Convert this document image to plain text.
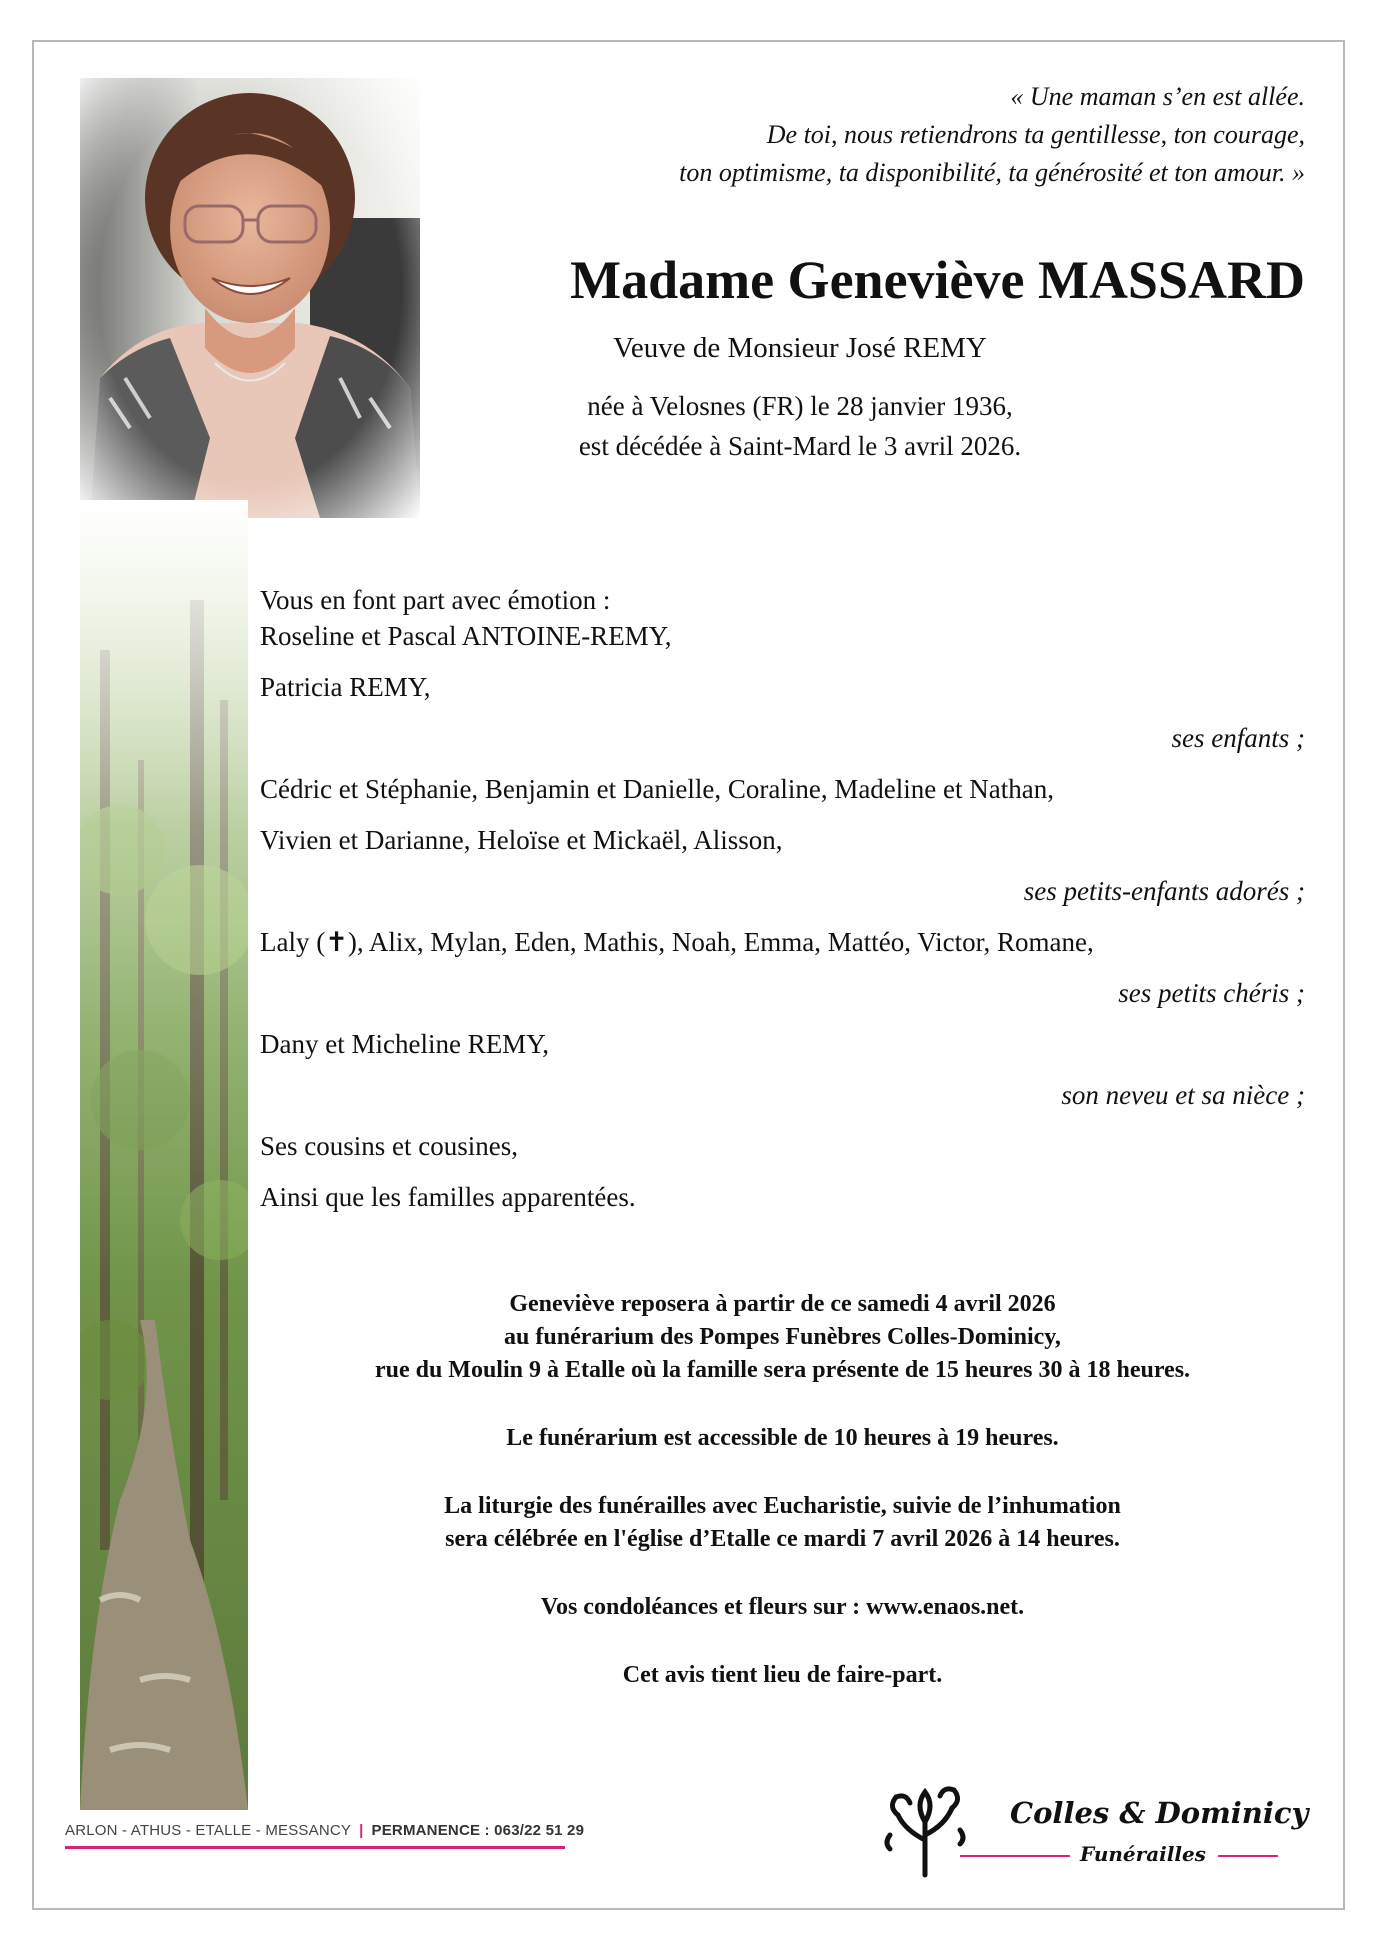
« Une maman s’en est allée.
De toi, nous retiendrons ta gentillesse, ton courage,
ton optimisme, ta disponibilité, ta générosité et ton amour. »
Madame Geneviève MASSARD
Veuve de Monsieur José REMY
née à Velosnes (FR) le 28 janvier 1936,
est décédée à Saint-Mard le 3 avril 2026.
Vous en font part avec émotion :
Roseline et Pascal ANTOINE-REMY,
Patricia REMY,
ses enfants ;
Cédric et Stéphanie, Benjamin et Danielle, Coraline, Madeline et Nathan,
Vivien et Darianne, Heloïse et Mickaël, Alisson,
ses petits-enfants adorés ;
Laly (✝), Alix, Mylan, Eden, Mathis, Noah, Emma, Mattéo, Victor, Romane,
ses petits chéris ;
Dany et Micheline REMY,
son neveu et sa nièce ;
Ses cousins et cousines,
Ainsi que les familles apparentées.
Geneviève reposera à partir de ce samedi 4 avril 2026
au funérarium des Pompes Funèbres Colles-Dominicy,
rue du Moulin 9 à Etalle où la famille sera présente de 15 heures 30 à 18 heures.
Le funérarium est accessible de 10 heures à 19 heures.
La liturgie des funérailles avec Eucharistie, suivie de l’inhumation
sera célébrée en l'église d’Etalle ce mardi 7 avril 2026 à 14 heures.
Vos condoléances et fleurs sur : www.enaos.net.
Cet avis tient lieu de faire-part.
ARLON - ATHUS - ETALLE - MESSANCY | PERMANENCE : 063/22 51 29
Colles & Dominicy
Funérailles
